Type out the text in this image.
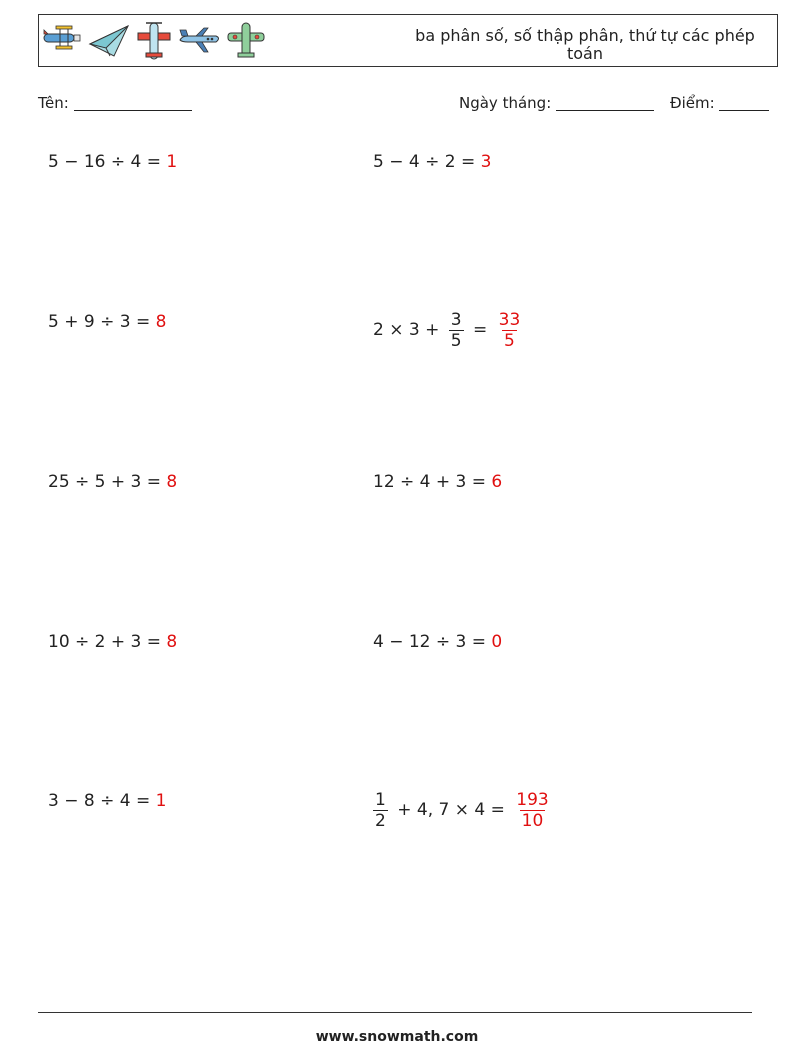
ba phân số, số thập phân, thứ tự các phép toán
Tên:	Ngày tháng:	Điểm:
5 − 16 ÷ 4 = 1	5 − 4 ÷ 2 = 3
5 + 9 ÷ 3 = 8	$2 \times 3 + \frac{3}{5} = \frac{33}{5}$
25 ÷ 5 + 3 = 8	12 ÷ 4 + 3 = 6
10 ÷ 2 + 3 = 8	4 − 12 ÷ 3 = 0
3 − 8 ÷ 4 = 1	$\frac{1}{2} + 4$, $7 \times 4 = \frac{193}{10}$
www.snowmath.com
